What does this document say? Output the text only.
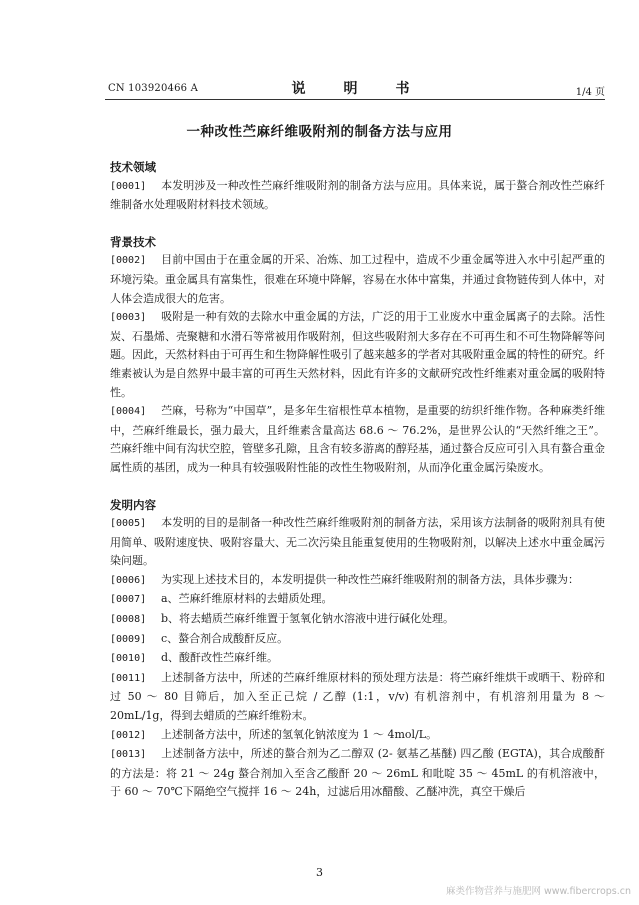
CN 103920466 A	说　明　书	1/4 页
一种改性苎麻纤维吸附剂的制备方法与应用
技术领域
[0001] 本发明涉及一种改性苎麻纤维吸附剂的制备方法与应用。具体来说，属于螯合剂改性苎麻纤维制备水处理吸附材料技术领域。
背景技术
[0002] 目前中国由于在重金属的开采、冶炼、加工过程中，造成不少重金属等进入水中引起严重的环境污染。重金属具有富集性，很难在环境中降解，容易在水体中富集，并通过食物链传到人体中，对人体会造成很大的危害。
[0003] 吸附是一种有效的去除水中重金属的方法，广泛的用于工业废水中重金属离子的去除。活性炭、石墨烯、壳聚糖和水滑石等常被用作吸附剂，但这些吸附剂大多存在不可再生和不可生物降解等问题。因此，天然材料由于可再生和生物降解性吸引了越来越多的学者对其吸附重金属的特性的研究。纤维素被认为是自然界中最丰富的可再生天然材料，因此有许多的文献研究改性纤维素对重金属的吸附特性。
[0004] 苎麻，号称为“中国草”，是多年生宿根性草本植物，是重要的纺织纤维作物。各种麻类纤维中，苎麻纤维最长，强力最大，且纤维素含量高达 68.6 ～ 76.2%，是世界公认的“天然纤维之王”。苎麻纤维中间有沟状空腔，管壁多孔隙，且含有较多游离的醇羟基，通过螯合反应可引入具有螯合重金属性质的基团，成为一种具有较强吸附性能的改性生物吸附剂，从而净化重金属污染废水。
发明内容
[0005] 本发明的目的是制备一种改性苎麻纤维吸附剂的制备方法，采用该方法制备的吸附剂具有使用简单、吸附速度快、吸附容量大、无二次污染且能重复使用的生物吸附剂，以解决上述水中重金属污染问题。
[0006] 为实现上述技术目的，本发明提供一种改性苎麻纤维吸附剂的制备方法，具体步骤为：
[0007] a、苎麻纤维原材料的去蜡质处理。
[0008] b、将去蜡质苎麻纤维置于氢氧化钠水溶液中进行碱化处理。
[0009] c、螯合剂合成酸酐反应。
[0010] d、酸酐改性苎麻纤维。
[0011] 上述制备方法中，所述的苎麻纤维原材料的预处理方法是：将苎麻纤维烘干或晒干、粉碎和过 50 ～ 80 目筛后，加入至正己烷 / 乙醇 (1:1，v/v) 有机溶剂中，有机溶剂用量为 8 ～ 20mL/1g，得到去蜡质的苎麻纤维粉末。
[0012] 上述制备方法中，所述的氢氧化钠浓度为 1 ～ 4mol/L。
[0013] 上述制备方法中，所述的螯合剂为乙二醇双 (2- 氨基乙基醚) 四乙酸 (EGTA)，其合成酸酐的方法是：将 21 ～ 24g 螯合剂加入至含乙酸酐 20 ～ 26mL 和吡啶 35 ～ 45mL 的有机溶液中，于 60 ～ 70℃下隔绝空气搅拌 16 ～ 24h，过滤后用冰醋酸、乙醚冲洗，真空干燥后
3
麻类作物营养与施肥网 www.fibercrops.cn
